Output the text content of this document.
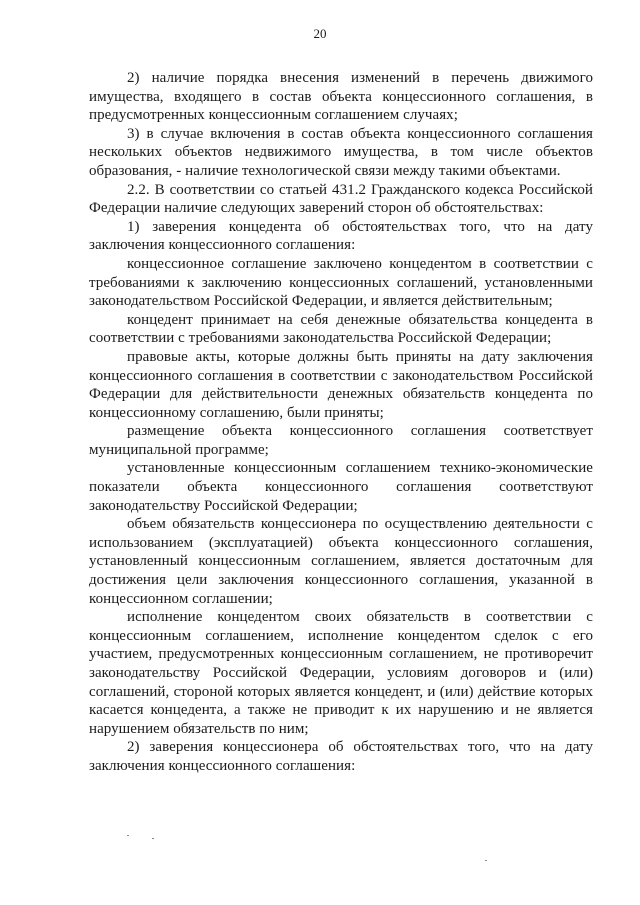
20

2) наличие порядка внесения изменений в перечень движимого имущества, входящего в состав объекта концессионного соглашения, в предусмотренных концессионным соглашением случаях;

3) в случае включения в состав объекта концессионного соглашения нескольких объектов недвижимого имущества, в том числе объектов образования, - наличие технологической связи между такими объектами.

2.2. В соответствии со статьей 431.2 Гражданского кодекса Российской Федерации наличие следующих заверений сторон об обстоятельствах:

1) заверения концедента об обстоятельствах того, что на дату заключения концессионного соглашения:

концессионное соглашение заключено концедентом в соответствии с требованиями к заключению концессионных соглашений, установленными законодательством Российской Федерации, и является действительным;

концедент принимает на себя денежные обязательства концедента в соответствии с требованиями законодательства Российской Федерации;

правовые акты, которые должны быть приняты на дату заключения концессионного соглашения в соответствии с законодательством Российской Федерации для действительности денежных обязательств концедента по концессионному соглашению, были приняты;

размещение объекта концессионного соглашения соответствует муниципальной программе;

установленные концессионным соглашением технико-экономические показатели объекта концессионного соглашения соответствуют законодательству Российской Федерации;

объем обязательств концессионера по осуществлению деятельности с использованием (эксплуатацией) объекта концессионного соглашения, установленный концессионным соглашением, является достаточным для достижения цели заключения концессионного соглашения, указанной в концессионном соглашении;

исполнение концедентом своих обязательств в соответствии с концессионным соглашением, исполнение концедентом сделок с его участием, предусмотренных концессионным соглашением, не противоречит законодательству Российской Федерации, условиям договоров и (или) соглашений, стороной которых является концедент, и (или) действие которых касается концедента, а также не приводит к их нарушению и не является нарушением обязательств по ним;

2) заверения концессионера об обстоятельствах того, что на дату заключения концессионного соглашения:
